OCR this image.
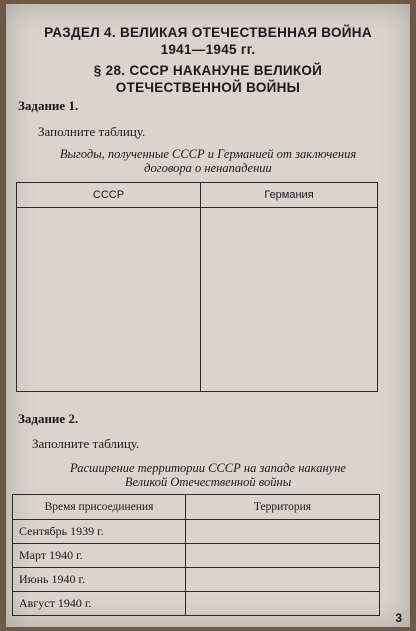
РАЗДЕЛ 4. ВЕЛИКАЯ ОТЕЧЕСТВЕННАЯ ВОЙНА
1941—1945 гг.
§ 28. СССР НАКАНУНЕ ВЕЛИКОЙ
ОТЕЧЕСТВЕННОЙ ВОЙНЫ
Задание 1.
Заполните таблицу.
Выгоды, полученные СССР и Германией от заключения
договора о ненападении
СССР	Германия

Задание 2.
Заполните таблицу.
Расширение территории СССР на западе накануне
Великой Отечественной войны
Время присоединения	Территория
Сентябрь 1939 г.	
Март 1940 г.	
Июнь 1940 г.	
Август 1940 г.	
3
